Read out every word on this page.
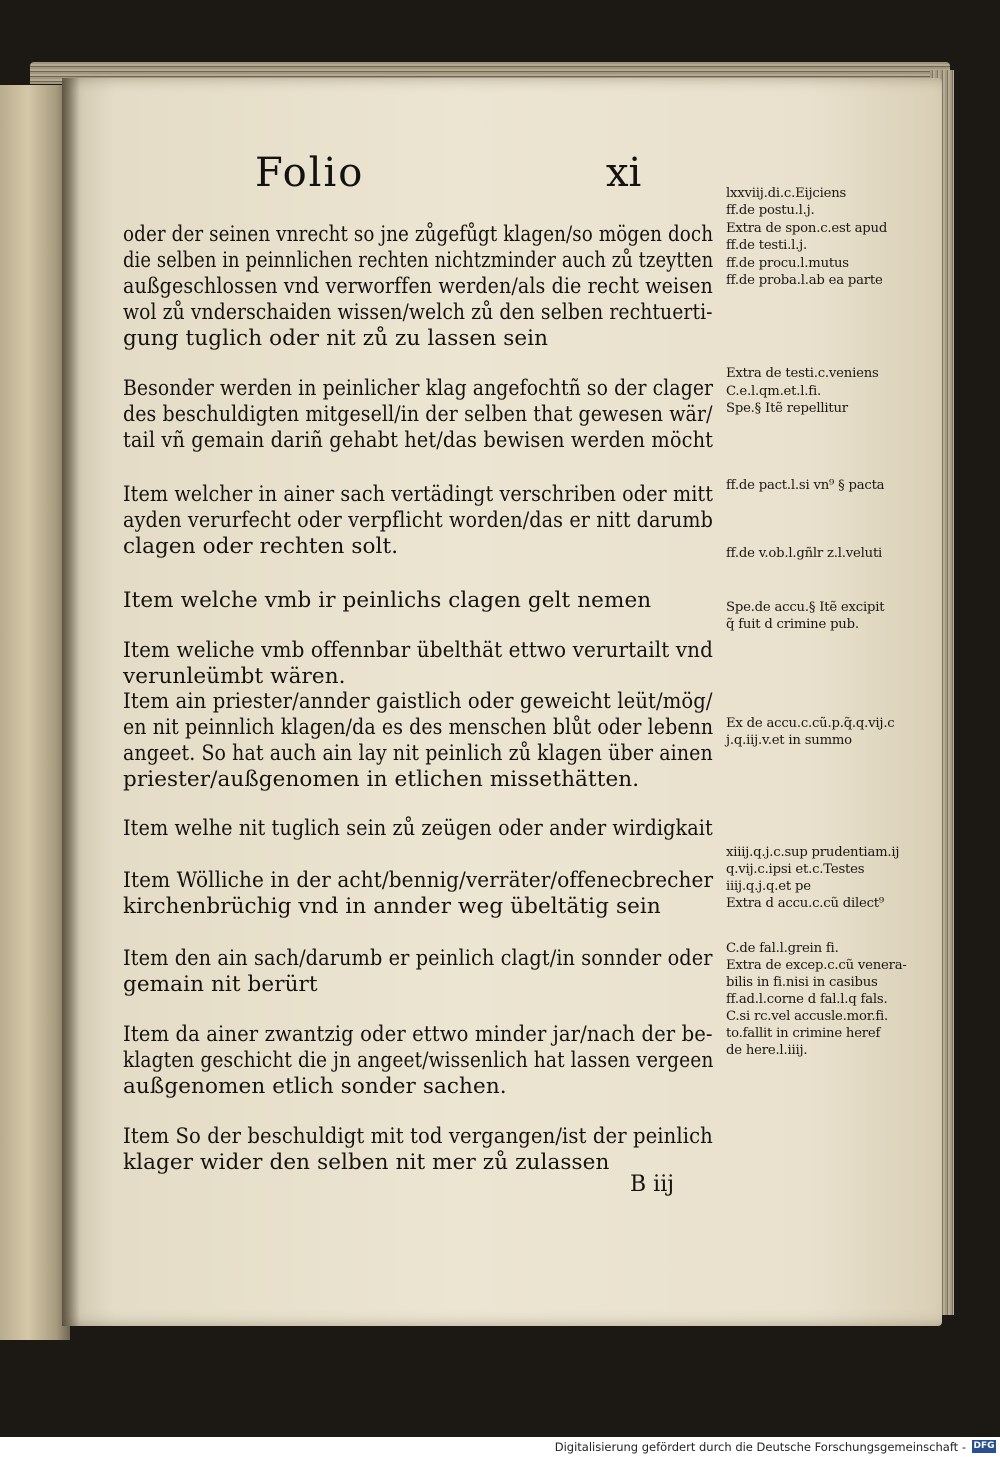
Folio	xi
oder der seinen vnrecht so jne zůgefůgt klagen/so mögen doch
die selben in peinnlichen rechten nichtzminder auch zů tzeytten
außgeschlossen vnd verworffen werden/als die recht weisen
wol zů vnderschaiden wissen/welch zů den selben rechtuerti-
gung tuglich oder nit zů zu lassen sein
Besonder werden in peinlicher klag angefochtñ so der clager
des beschuldigten mitgesell/in der selben that gewesen wär/
tail vñ gemain dariñ gehabt het/das bewisen werden möcht
Item welcher in ainer sach vertädingt verschriben oder mitt
ayden verurfecht oder verpflicht worden/das er nitt darumb
clagen oder rechten solt.
Item welche vmb ir peinlichs clagen gelt nemen
Item weliche vmb offennbar übelthät ettwo verurtailt vnd
verunleümbt wären.
Item ain priester/annder gaistlich oder geweicht leüt/mög/
en nit peinnlich klagen/da es des menschen blůt oder lebenn
angeet. So hat auch ain lay nit peinlich zů klagen über ainen
priester/außgenomen in etlichen missethätten.
Item welhe nit tuglich sein zů zeügen oder ander wirdigkait
Item Wölliche in der acht/bennig/verräter/offenecbrecher
kirchenbrüchig vnd in annder weg übeltätig sein
Item den ain sach/darumb er peinlich clagt/in sonnder oder
gemain nit berürt
Item da ainer zwantzig oder ettwo minder jar/nach der be-
klagten geschicht die jn angeet/wissenlich hat lassen vergeen
außgenomen etlich sonder sachen.
Item So der beschuldigt mit tod vergangen/ist der peinlich
klager wider den selben nit mer zů zulassen
lxxviij.di.c.Eijciens
ff.de postu.l.j.
Extra de spon.c.est apud
ff.de testi.l.j.
ff.de procu.l.mutus
ff.de proba.l.ab ea parte
Extra de testi.c.veniens
C.e.l.qm.et.l.fi.
Spe.§ Itẽ repellitur
ff.de pact.l.si vn⁹ § pacta
ff.de v.ob.l.gñlr z.l.veluti
Spe.de accu.§ Itẽ excipit
q̃ fuit d crimine pub.
Ex de accu.c.cũ.p.q̃.q.vij.c
j.q.iij.v.et in summo
xiiij.q.j.c.sup prudentiam.ij
q.vij.c.ipsi et.c.Testes
iiij.q.j.q.et pe
Extra d accu.c.cũ dilect⁹
C.de fal.l.grein fi.
Extra de excep.c.cũ venera-
bilis in fi.nisi in casibus
ff.ad.l.corne d fal.l.q fals.
C.si rc.vel accusle.mor.fi.
to.fallit in crimine heref
de here.l.iiij.
B iij
Digitalisierung gefördert durch die Deutsche Forschungsgemeinschaft - DFG
